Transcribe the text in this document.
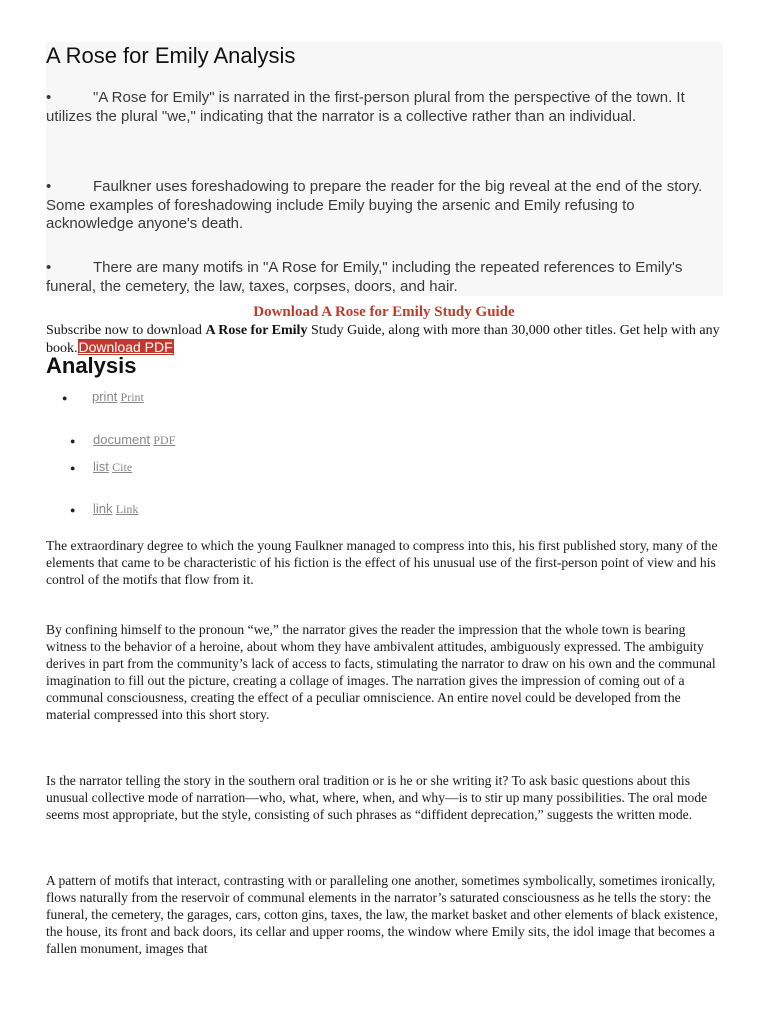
A Rose for Emily Analysis

•	"A Rose for Emily" is narrated in the first-person plural from the perspective of the town. It utilizes the plural "we," indicating that the narrator is a collective rather than an individual.

•	Faulkner uses foreshadowing to prepare the reader for the big reveal at the end of the story. Some examples of foreshadowing include Emily buying the arsenic and Emily refusing to acknowledge anyone's death.

•	There are many motifs in "A Rose for Emily," including the repeated references to Emily's funeral, the cemetery, the law, taxes, corpses, doors, and hair.

Download A Rose for Emily Study Guide

Subscribe now to download A Rose for Emily Study Guide, along with more than 30,000 other titles. Get help with any book.Download PDF

Analysis
● print Print
● document PDF
● list Cite
● link Link

The extraordinary degree to which the young Faulkner managed to compress into this, his first published story, many of the elements that came to be characteristic of his fiction is the effect of his unusual use of the first-person point of view and his control of the motifs that flow from it.

By confining himself to the pronoun “we,” the narrator gives the reader the impression that the whole town is bearing witness to the behavior of a heroine, about whom they have ambivalent attitudes, ambiguously expressed. The ambiguity derives in part from the community’s lack of access to facts, stimulating the narrator to draw on his own and the communal imagination to fill out the picture, creating a collage of images. The narration gives the impression of coming out of a communal consciousness, creating the effect of a peculiar omniscience. An entire novel could be developed from the material compressed into this short story.

Is the narrator telling the story in the southern oral tradition or is he or she writing it? To ask basic questions about this unusual collective mode of narration—who, what, where, when, and why—is to stir up many possibilities. The oral mode seems most appropriate, but the style, consisting of such phrases as “diffident deprecation,” suggests the written mode.

A pattern of motifs that interact, contrasting with or paralleling one another, sometimes symbolically, sometimes ironically, flows naturally from the reservoir of communal elements in the narrator’s saturated consciousness as he tells the story: the funeral, the cemetery, the garages, cars, cotton gins, taxes, the law, the market basket and other elements of black existence, the house, its front and back doors, its cellar and upper rooms, the window where Emily sits, the idol image that becomes a fallen monument, images that
